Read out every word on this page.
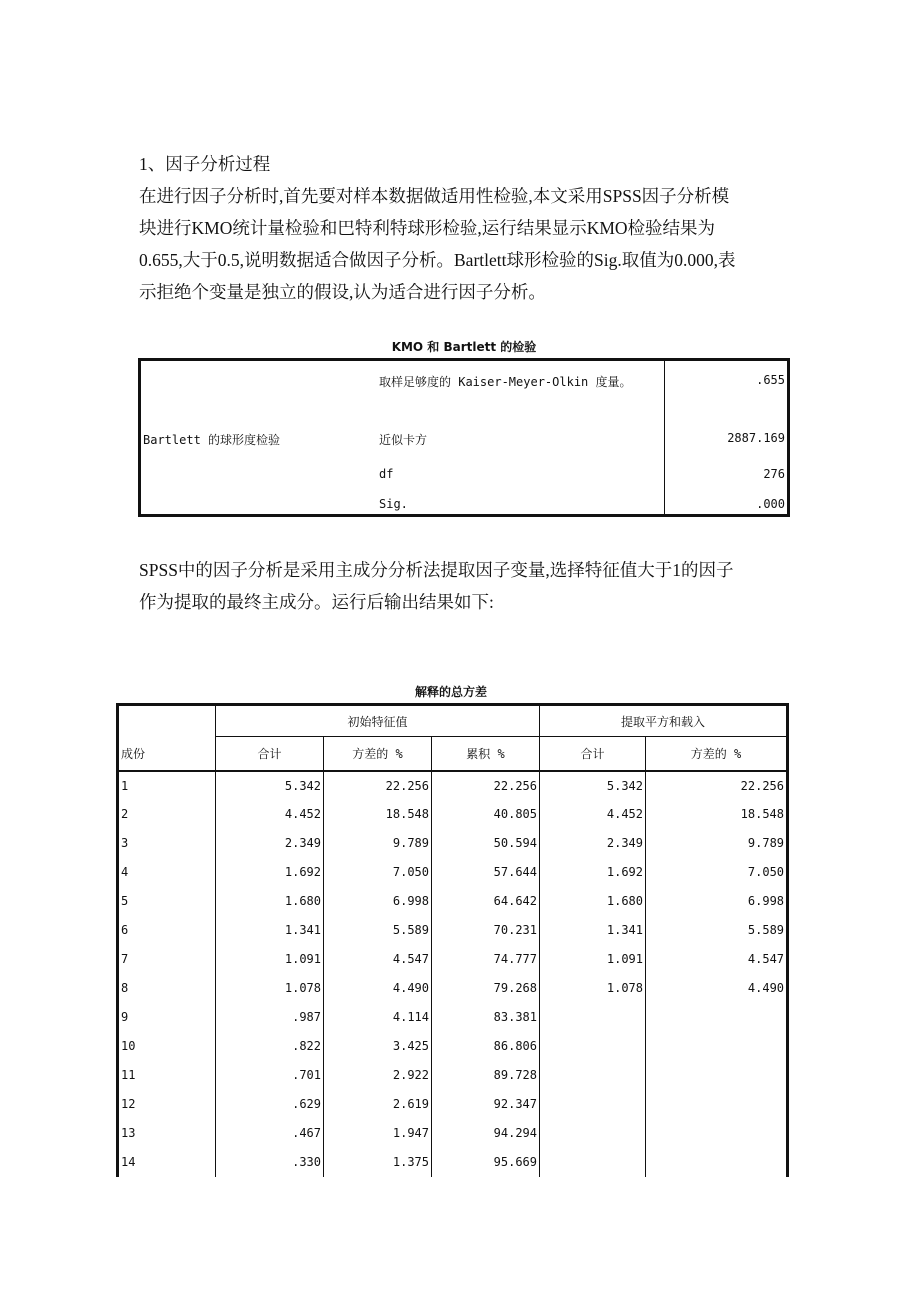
1、因子分析过程
在进行因子分析时,首先要对样本数据做适用性检验,本文采用SPSS因子分析模
块进行KMO统计量检验和巴特利特球形检验,运行结果显示KMO检验结果为
0.655,大于0.5,说明数据适合做因子分析。Bartlett球形检验的Sig.取值为0.000,表
示拒绝个变量是独立的假设,认为适合进行因子分析。
KMO 和 Bartlett 的检验
取样足够度的 Kaiser-Meyer-Olkin 度量。	.655
Bartlett 的球形度检验	近似卡方	2887.169
df	276
Sig.	.000
SPSS中的因子分析是采用主成分分析法提取因子变量,选择特征值大于1的因子
作为提取的最终主成分。运行后输出结果如下:
解释的总方差
	初始特征值			提取平方和载入	
成份	合计	方差的 %	累积 %	合计	方差的 %
1	5.342	22.256	22.256	5.342	22.256
2	4.452	18.548	40.805	4.452	18.548
3	2.349	9.789	50.594	2.349	9.789
4	1.692	7.050	57.644	1.692	7.050
5	1.680	6.998	64.642	1.680	6.998
6	1.341	5.589	70.231	1.341	5.589
7	1.091	4.547	74.777	1.091	4.547
8	1.078	4.490	79.268	1.078	4.490
9	.987	4.114	83.381		
10	.822	3.425	86.806		
11	.701	2.922	89.728		
12	.629	2.619	92.347		
13	.467	1.947	94.294		
14	.330	1.375	95.669		
